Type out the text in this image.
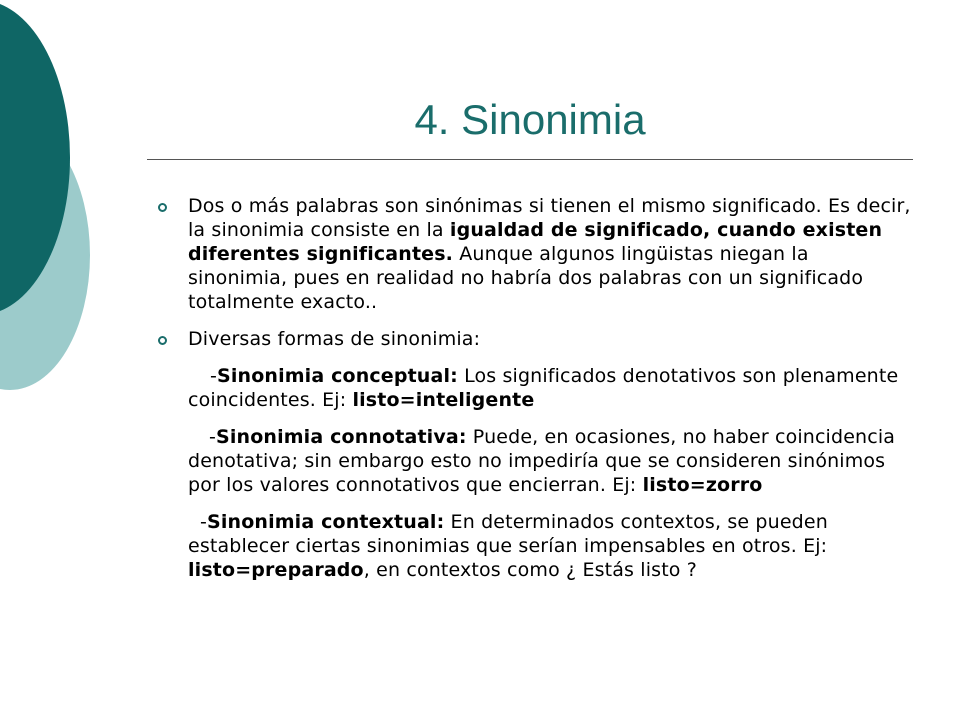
4. Sinonimia

Dos o más palabras son sinónimas si tienen el mismo significado. Es decir, la sinonimia consiste en la igualdad de significado, cuando existen diferentes significantes. Aunque algunos lingüistas niegan la sinonimia, pues en realidad no habría dos palabras con un significado totalmente exacto..

Diversas formas de sinonimia:

-Sinonimia conceptual: Los significados denotativos son plenamente coincidentes. Ej: listo=inteligente

-Sinonimia connotativa: Puede, en ocasiones, no haber coincidencia denotativa; sin embargo esto no impediría que se consideren sinónimos por los valores connotativos que encierran. Ej: listo=zorro

-Sinonimia contextual: En determinados contextos, se pueden establecer ciertas sinonimias que serían impensables en otros. Ej: listo=preparado, en contextos como ¿ Estás listo ?
